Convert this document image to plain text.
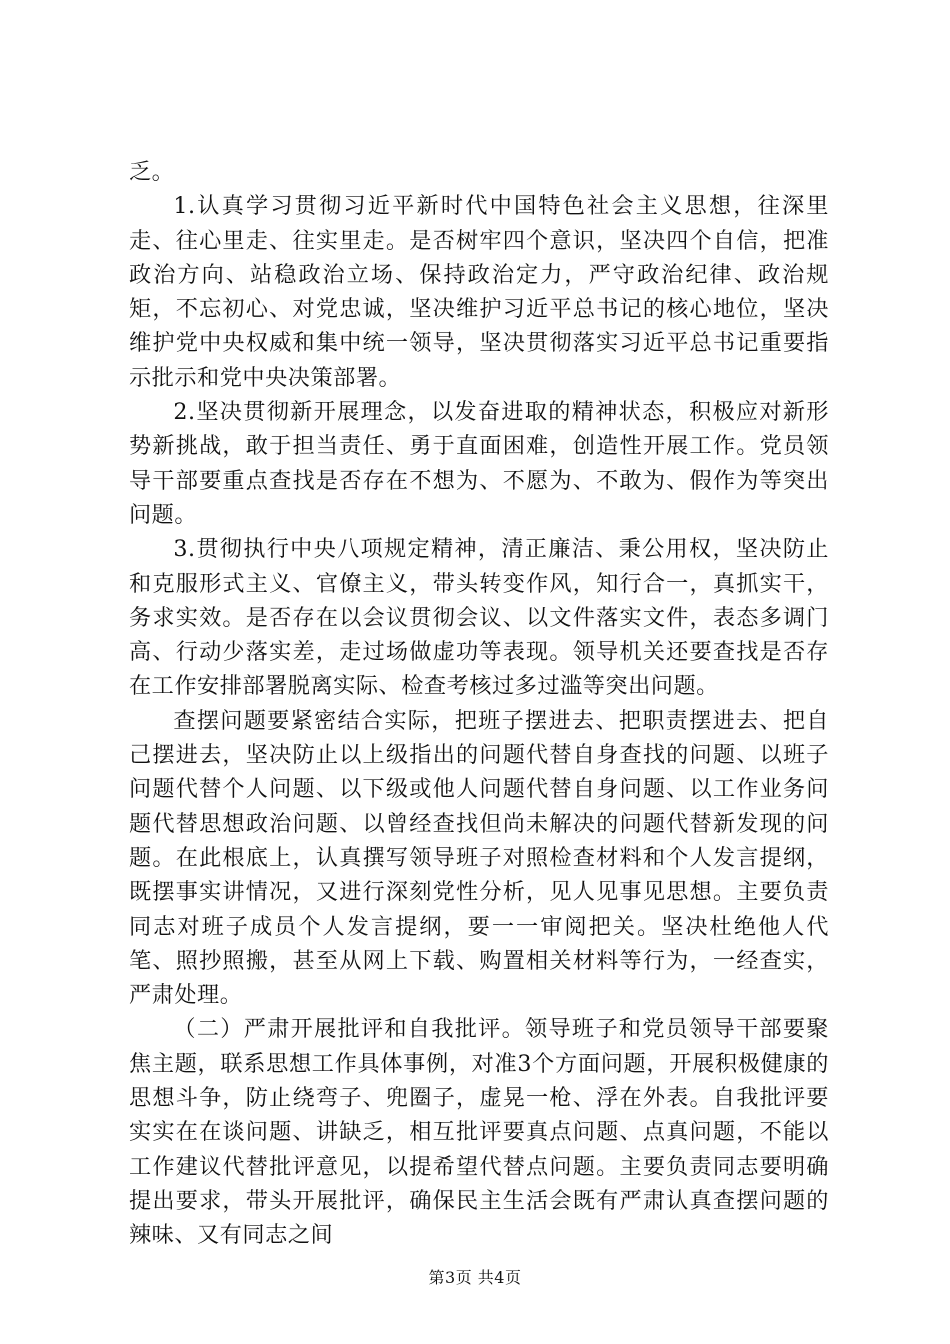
乏。

1.认真学习贯彻习近平新时代中国特色社会主义思想，往深里走、往心里走、往实里走。是否树牢四个意识，坚决四个自信，把准政治方向、站稳政治立场、保持政治定力，严守政治纪律、政治规矩，不忘初心、对党忠诚，坚决维护习近平总书记的核心地位，坚决维护党中央权威和集中统一领导，坚决贯彻落实习近平总书记重要指示批示和党中央决策部署。

2.坚决贯彻新开展理念，以发奋进取的精神状态，积极应对新形势新挑战，敢于担当责任、勇于直面困难，创造性开展工作。党员领导干部要重点查找是否存在不想为、不愿为、不敢为、假作为等突出问题。

3.贯彻执行中央八项规定精神，清正廉洁、秉公用权，坚决防止和克服形式主义、官僚主义，带头转变作风，知行合一，真抓实干，务求实效。是否存在以会议贯彻会议、以文件落实文件，表态多调门高、行动少落实差，走过场做虚功等表现。领导机关还要查找是否存在工作安排部署脱离实际、检查考核过多过滥等突出问题。

查摆问题要紧密结合实际，把班子摆进去、把职责摆进去、把自己摆进去，坚决防止以上级指出的问题代替自身查找的问题、以班子问题代替个人问题、以下级或他人问题代替自身问题、以工作业务问题代替思想政治问题、以曾经查找但尚未解决的问题代替新发现的问题。在此根底上，认真撰写领导班子对照检查材料和个人发言提纲，既摆事实讲情况，又进行深刻党性分析，见人见事见思想。主要负责同志对班子成员个人发言提纲，要一一审阅把关。坚决杜绝他人代笔、照抄照搬，甚至从网上下载、购置相关材料等行为，一经查实，严肃处理。

（二）严肃开展批评和自我批评。领导班子和党员领导干部要聚焦主题，联系思想工作具体事例，对准3个方面问题，开展积极健康的思想斗争，防止绕弯子、兜圈子，虚晃一枪、浮在外表。自我批评要实实在在谈问题、讲缺乏，相互批评要真点问题、点真问题，不能以工作建议代替批评意见，以提希望代替点问题。主要负责同志要明确提出要求，带头开展批评，确保民主生活会既有严肃认真查摆问题的辣味、又有同志之间

第3页 共4页
